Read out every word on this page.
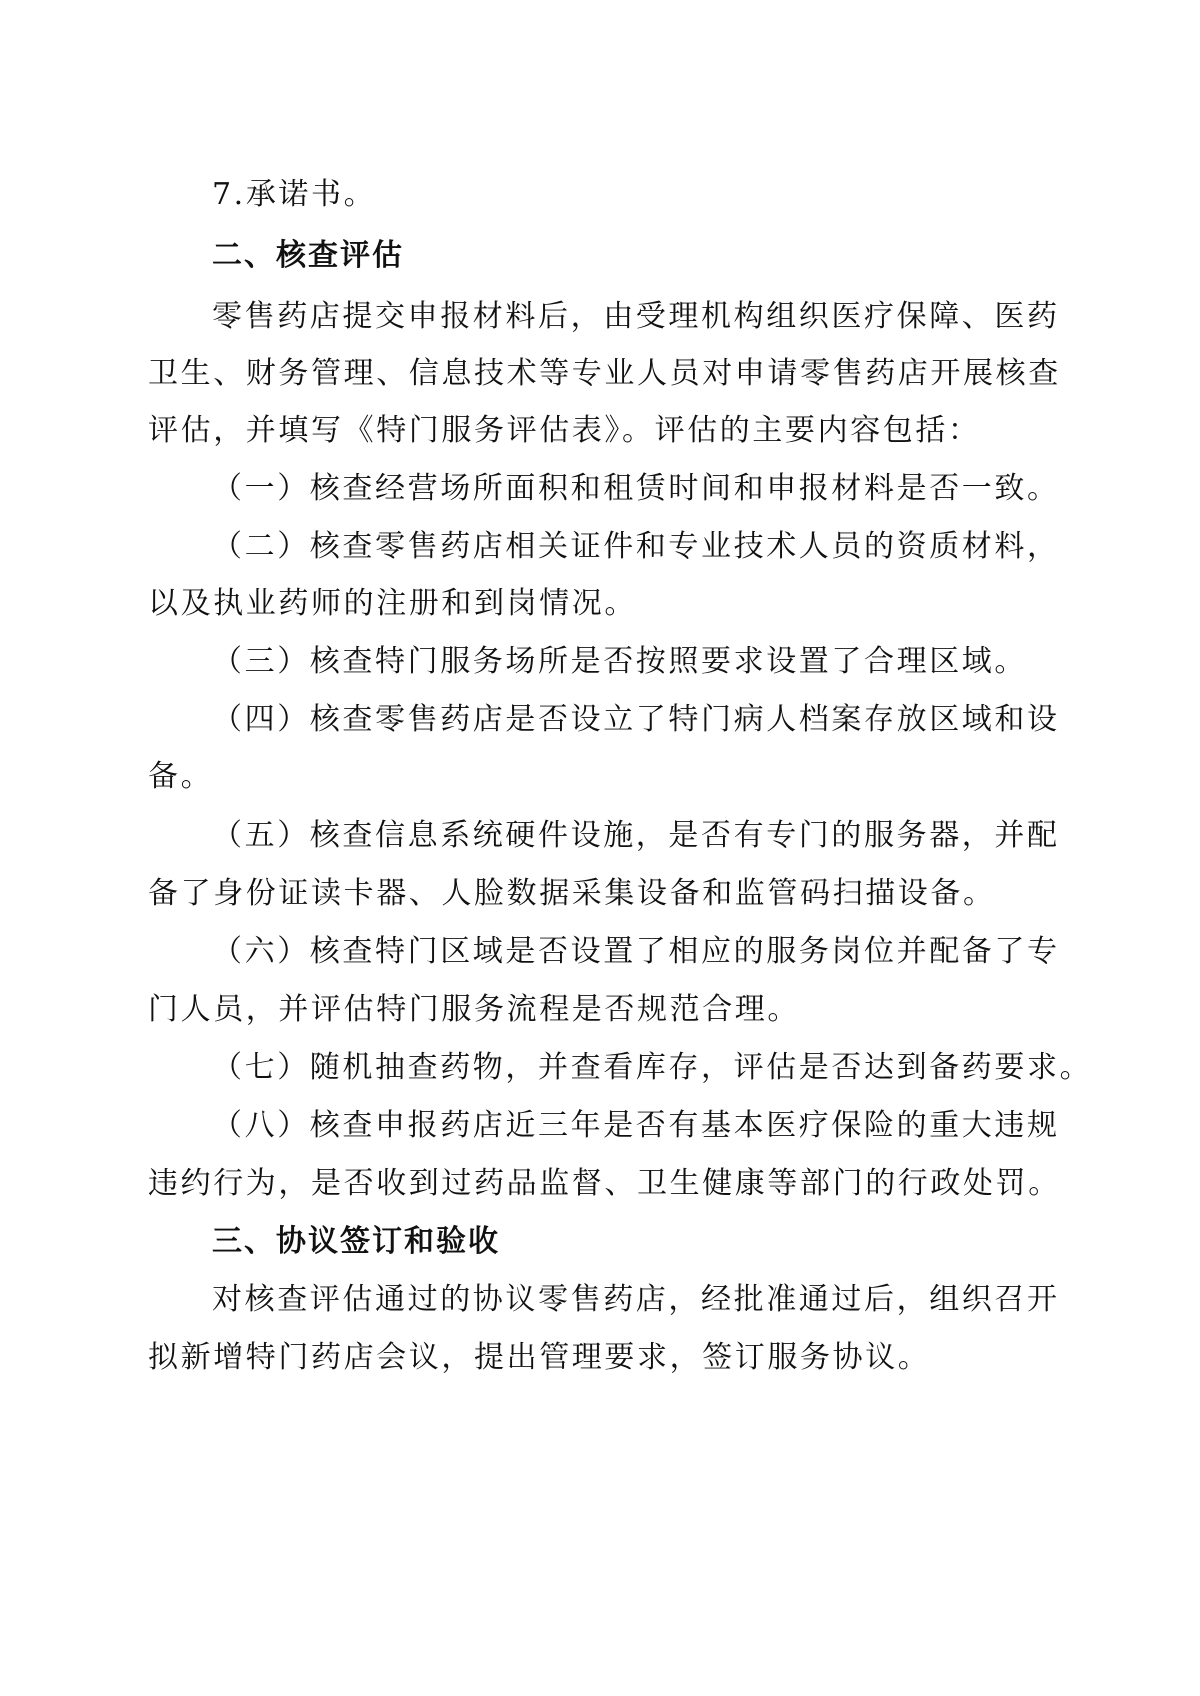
7.承诺书。
二、核查评估
零售药店提交申报材料后，由受理机构组织医疗保障、医药
卫生、财务管理、信息技术等专业人员对申请零售药店开展核查
评估，并填写《特门服务评估表》。评估的主要内容包括：
（一）核查经营场所面积和租赁时间和申报材料是否一致。
（二）核查零售药店相关证件和专业技术人员的资质材料，
以及执业药师的注册和到岗情况。
（三）核查特门服务场所是否按照要求设置了合理区域。
（四）核查零售药店是否设立了特门病人档案存放区域和设
备。
（五）核查信息系统硬件设施，是否有专门的服务器，并配
备了身份证读卡器、人脸数据采集设备和监管码扫描设备。
（六）核查特门区域是否设置了相应的服务岗位并配备了专
门人员，并评估特门服务流程是否规范合理。
（七）随机抽查药物，并查看库存，评估是否达到备药要求。
（八）核查申报药店近三年是否有基本医疗保险的重大违规
违约行为，是否收到过药品监督、卫生健康等部门的行政处罚。
三、协议签订和验收
对核查评估通过的协议零售药店，经批准通过后，组织召开
拟新增特门药店会议，提出管理要求，签订服务协议。
